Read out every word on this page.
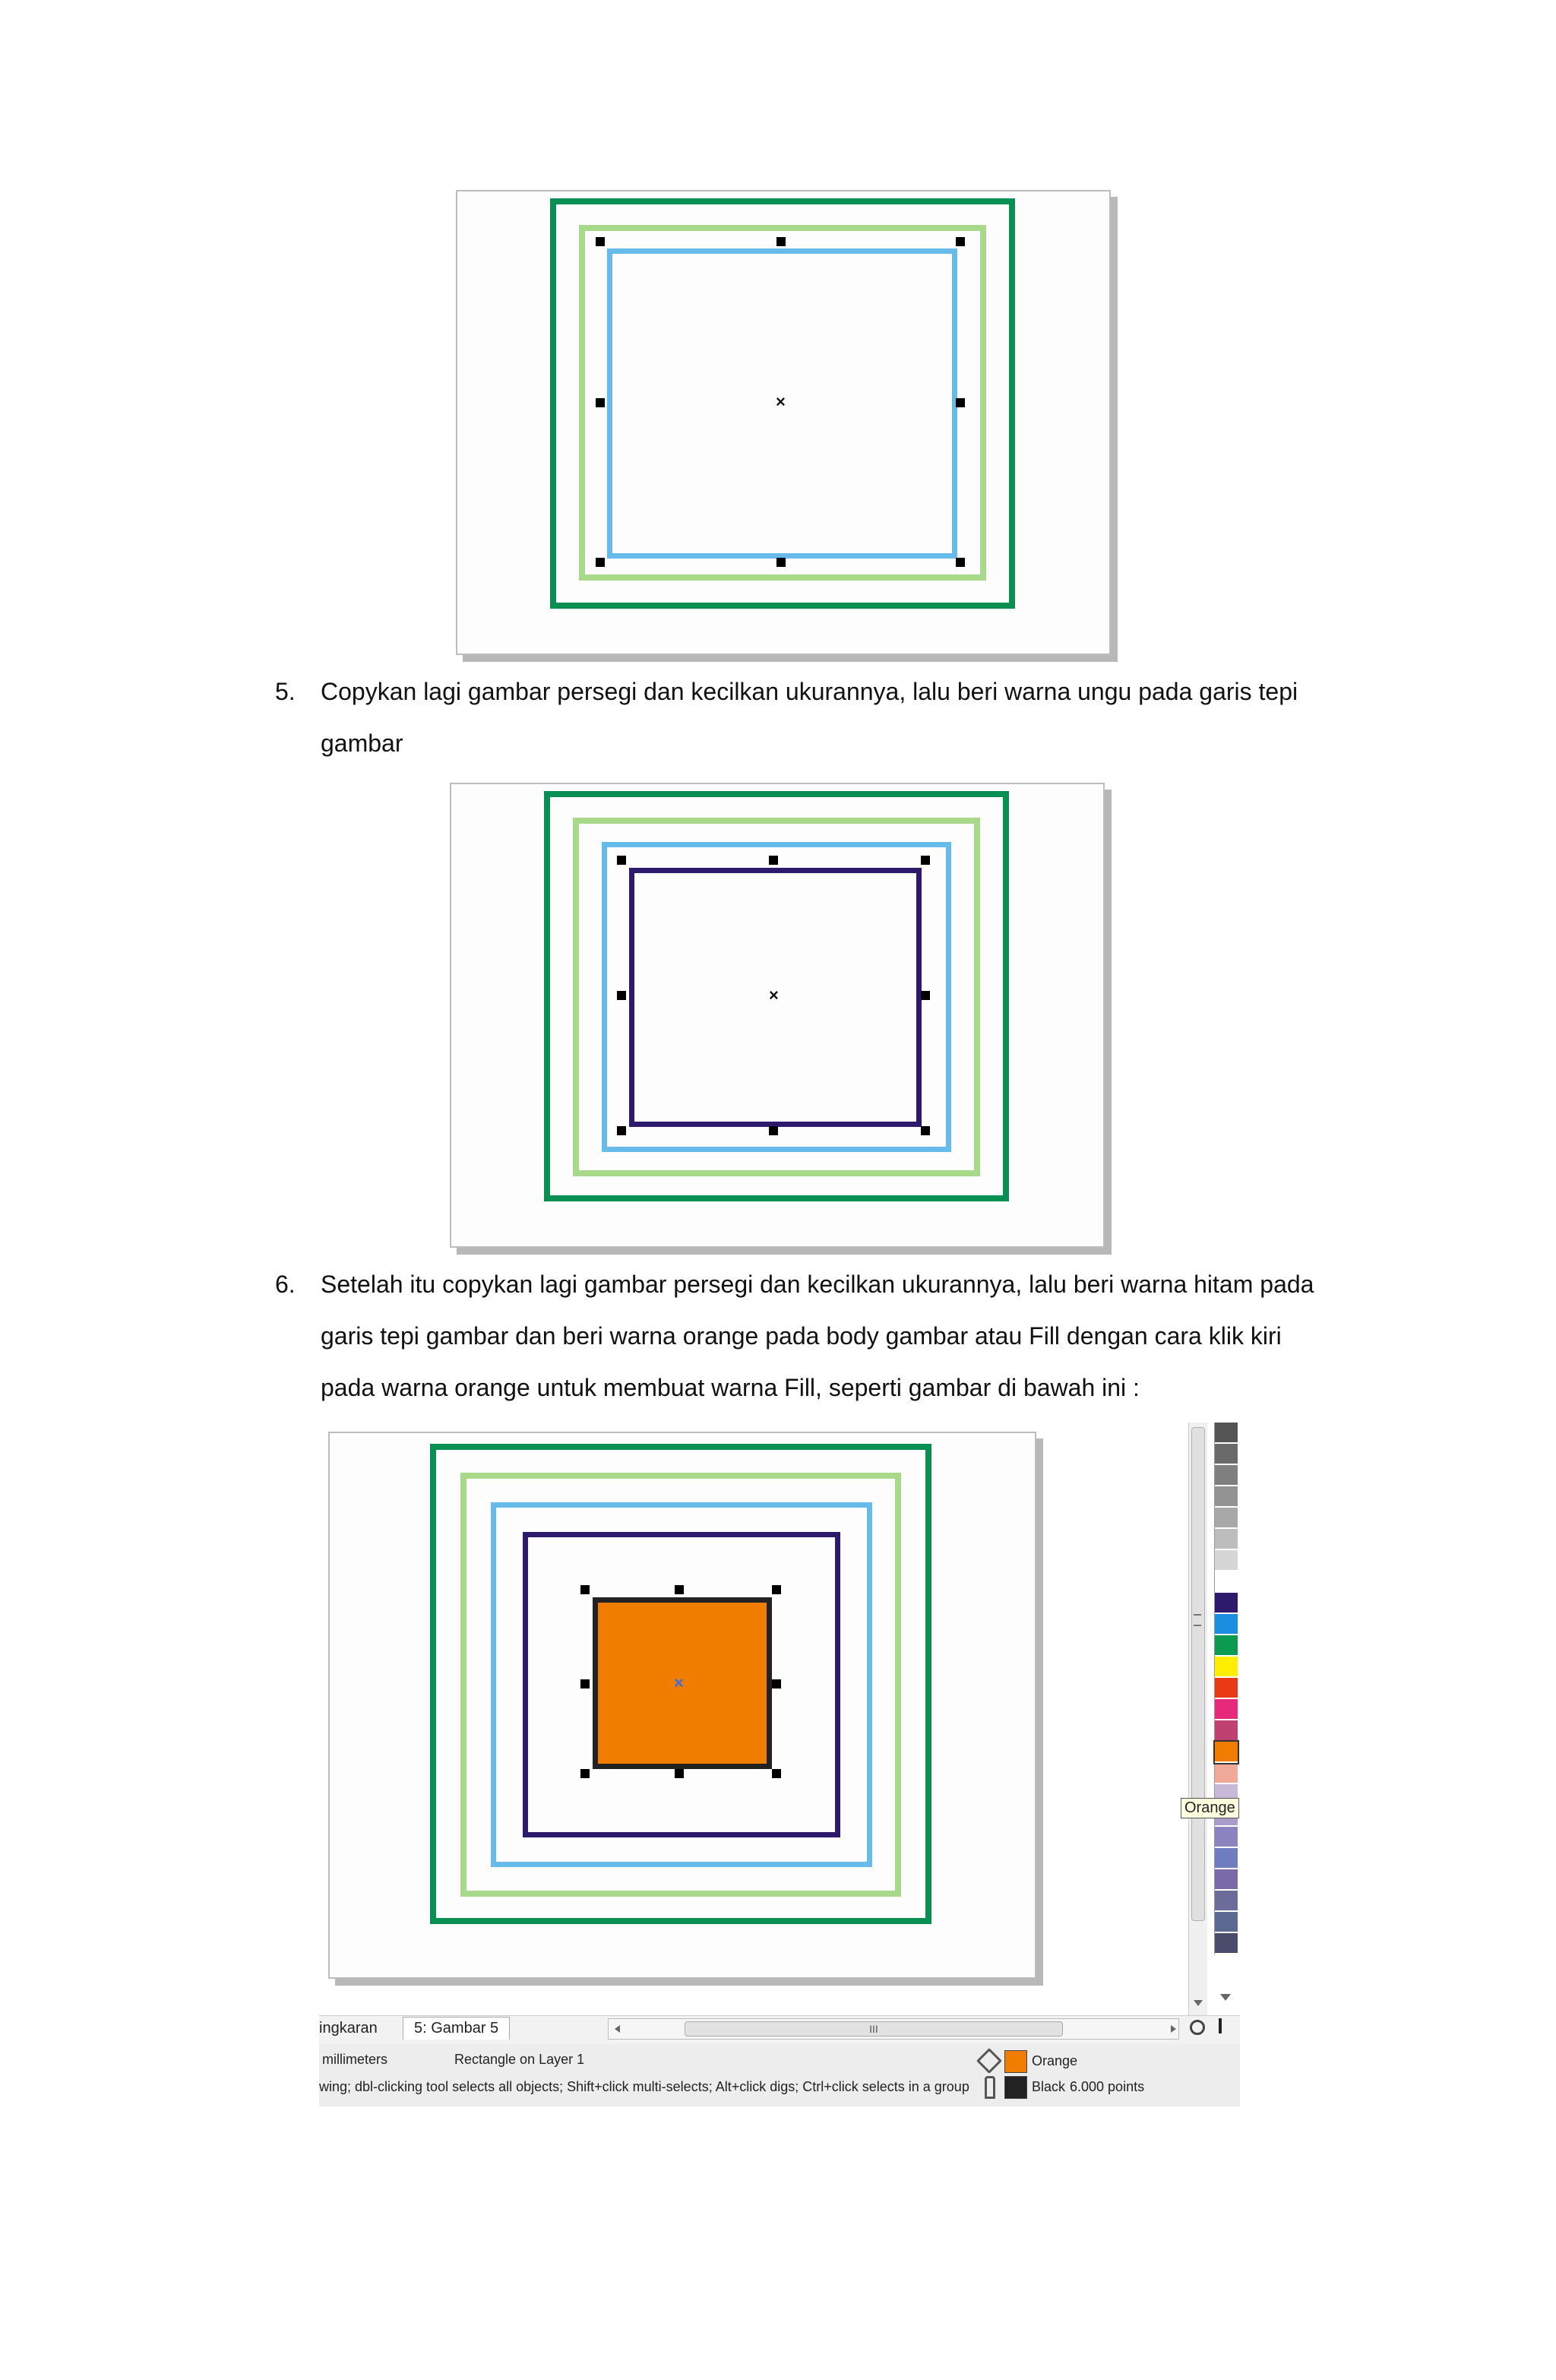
×
5. Copykan lagi gambar persegi dan kecilkan ukurannya, lalu beri warna ungu pada garis tepi
gambar
×
6. Setelah itu copykan lagi gambar persegi dan kecilkan ukurannya, lalu beri warna hitam pada
garis tepi gambar dan beri warna orange pada body gambar atau Fill dengan cara klik kiri
pada warna orange untuk membuat warna Fill, seperti gambar di bawah ini :
×
Orange
ingkaran	5: Gambar 5	III
millimeters	Rectangle on Layer 1
wing; dbl-clicking tool selects all objects; Shift+click multi-selects; Alt+click digs; Ctrl+click selects in a group
Orange
Black 6.000 points
